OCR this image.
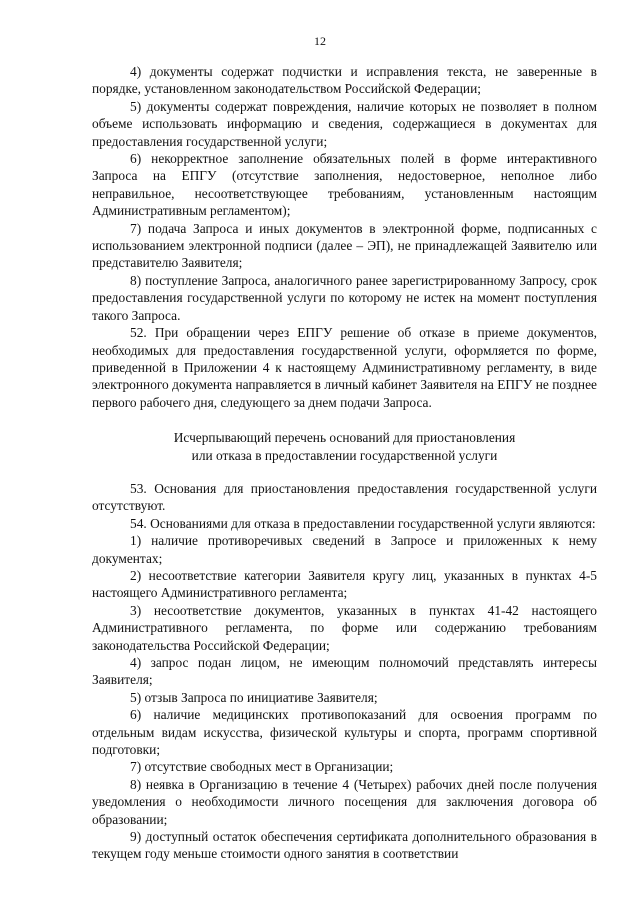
12

4) документы содержат подчистки и исправления текста, не заверенные в порядке, установленном законодательством Российской Федерации;

5) документы содержат повреждения, наличие которых не позволяет в полном объеме использовать информацию и сведения, содержащиеся в документах для предоставления государственной услуги;

6) некорректное заполнение обязательных полей в форме интерактивного Запроса на ЕПГУ (отсутствие заполнения, недостоверное, неполное либо неправильное, несоответствующее требованиям, установленным настоящим Административным регламентом);

7) подача Запроса и иных документов в электронной форме, подписанных с использованием электронной подписи (далее – ЭП), не принадлежащей Заявителю или представителю Заявителя;

8) поступление Запроса, аналогичного ранее зарегистрированному Запросу, срок предоставления государственной услуги по которому не истек на момент поступления такого Запроса.

52. При обращении через ЕПГУ решение об отказе в приеме документов, необходимых для предоставления государственной услуги, оформляется по форме, приведенной в Приложении 4 к настоящему Административному регламенту, в виде электронного документа направляется в личный кабинет Заявителя на ЕПГУ не позднее первого рабочего дня, следующего за днем подачи Запроса.

Исчерпывающий перечень оснований для приостановления

или отказа в предоставлении государственной услуги

53. Основания для приостановления предоставления государственной услуги отсутствуют.

54. Основаниями для отказа в предоставлении государственной услуги являются:

1) наличие противоречивых сведений в Запросе и приложенных к нему документах;

2) несоответствие категории Заявителя кругу лиц, указанных в пунктах 4-5 настоящего Административного регламента;

3) несоответствие документов, указанных в пунктах 41-42 настоящего Административного регламента, по форме или содержанию требованиям законодательства Российской Федерации;

4) запрос подан лицом, не имеющим полномочий представлять интересы Заявителя;

5) отзыв Запроса по инициативе Заявителя;

6) наличие медицинских противопоказаний для освоения программ по отдельным видам искусства, физической культуры и спорта, программ спортивной подготовки;

7) отсутствие свободных мест в Организации;

8) неявка в Организацию в течение 4 (Четырех) рабочих дней после получения уведомления о необходимости личного посещения для заключения договора об образовании;

9) доступный остаток обеспечения сертификата дополнительного образования в текущем году меньше стоимости одного занятия в соответствии
